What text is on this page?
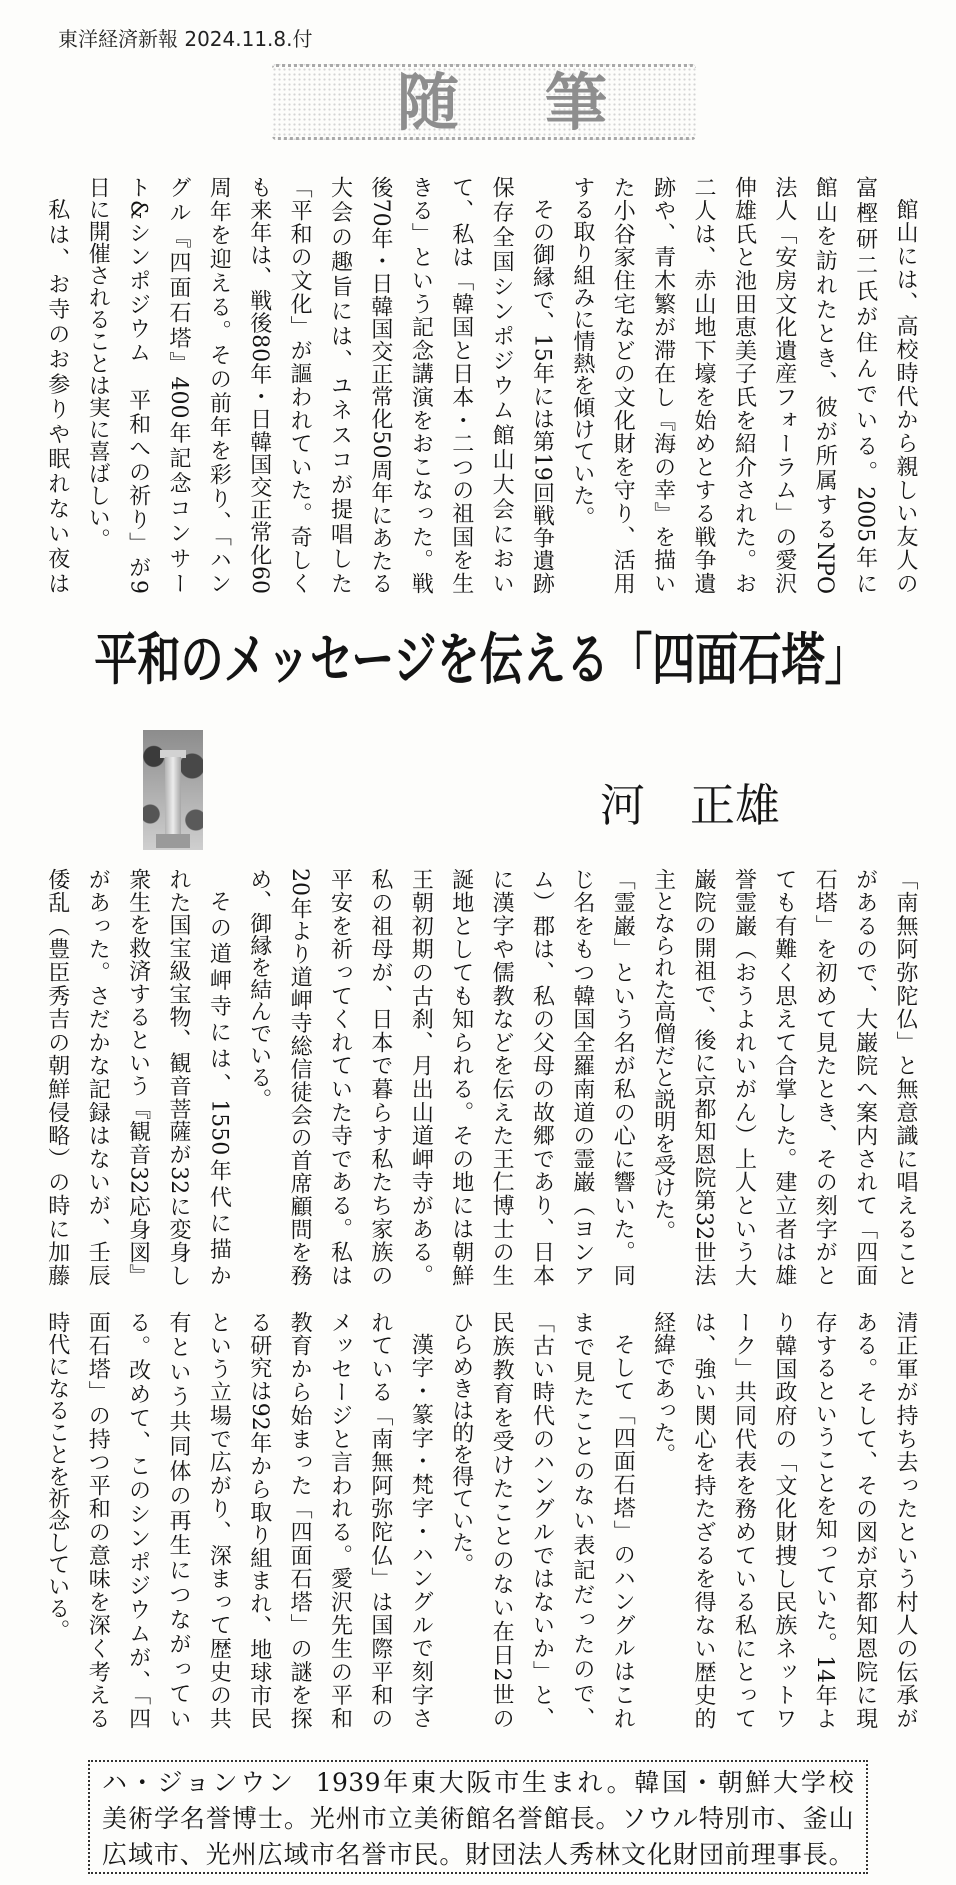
東洋経済新報 2024.11.8.付
随筆
館山には、高校時代から親しい友人の
富樫研二氏が住んでいる。2005年に
館山を訪れたとき、彼が所属するNPO
法人「安房文化遺産フォーラム」の愛沢
伸雄氏と池田恵美子氏を紹介された。お
二人は、赤山地下壕を始めとする戦争遺
跡や、青木繁が滞在し『海の幸』を描い
た小谷家住宅などの文化財を守り、活用
する取り組みに情熱を傾けていた。
その御縁で、15年には第19回戦争遺跡
保存全国シンポジウム館山大会におい
て、私は「韓国と日本・二つの祖国を生
きる」という記念講演をおこなった。戦
後70年・日韓国交正常化50周年にあたる
大会の趣旨には、ユネスコが提唱した
「平和の文化」が謳われていた。奇しく
も来年は、戦後80年・日韓国交正常化60
周年を迎える。その前年を彩り、「ハン
グル『四面石塔』400年記念コンサー
ト&シンポジウム　平和への祈り」が9
日に開催されることは実に喜ばしい。
私は、お寺のお参りや眠れない夜は
平和のメッセージを伝える「四面石塔」
河　正雄
「南無阿弥陀仏」と無意識に唱えること
があるので、大巌院へ案内されて「四面
石塔」を初めて見たとき、その刻字がと
ても有難く思えて合掌した。建立者は雄
誉霊巌（おうよれいがん）上人という大
巌院の開祖で、後に京都知恩院第32世法
主となられた高僧だと説明を受けた。
「霊巌」という名が私の心に響いた。同
じ名をもつ韓国全羅南道の霊巌（ヨンア
ム）郡は、私の父母の故郷であり、日本
に漢字や儒教などを伝えた王仁博士の生
誕地としても知られる。その地には朝鮮
王朝初期の古刹、月出山道岬寺がある。
私の祖母が、日本で暮らす私たち家族の
平安を祈ってくれていた寺である。私は
20年より道岬寺総信徒会の首席顧問を務
め、御縁を結んでいる。
その道岬寺には、1550年代に描か
れた国宝級宝物、観音菩薩が32に変身し
衆生を救済するという『観音32応身図』
があった。さだかな記録はないが、壬辰
倭乱（豊臣秀吉の朝鮮侵略）の時に加藤
清正軍が持ち去ったという村人の伝承が
ある。そして、その図が京都知恩院に現
存するということを知っていた。14年よ
り韓国政府の「文化財捜し民族ネットワ
ーク」共同代表を務めている私にとって
は、強い関心を持たざるを得ない歴史的
経緯であった。
そして「四面石塔」のハングルはこれ
まで見たことのない表記だったので、
「古い時代のハングルではないか」と、
民族教育を受けたことのない在日2世の
ひらめきは的を得ていた。
漢字・篆字・梵字・ハングルで刻字さ
れている「南無阿弥陀仏」は国際平和の
メッセージと言われる。愛沢先生の平和
教育から始まった「四面石塔」の謎を探
る研究は92年から取り組まれ、地球市民
という立場で広がり、深まって歴史の共
有という共同体の再生につながってい
る。改めて、このシンポジウムが、「四
面石塔」の持つ平和の意味を深く考える
時代になることを祈念している。
ハ・ジョンウン 1939年東大阪市生まれ。韓国・朝鮮大学校
美術学名誉博士。光州市立美術館名誉館長。ソウル特別市、釜山
広域市、光州広域市名誉市民。財団法人秀林文化財団前理事長。
